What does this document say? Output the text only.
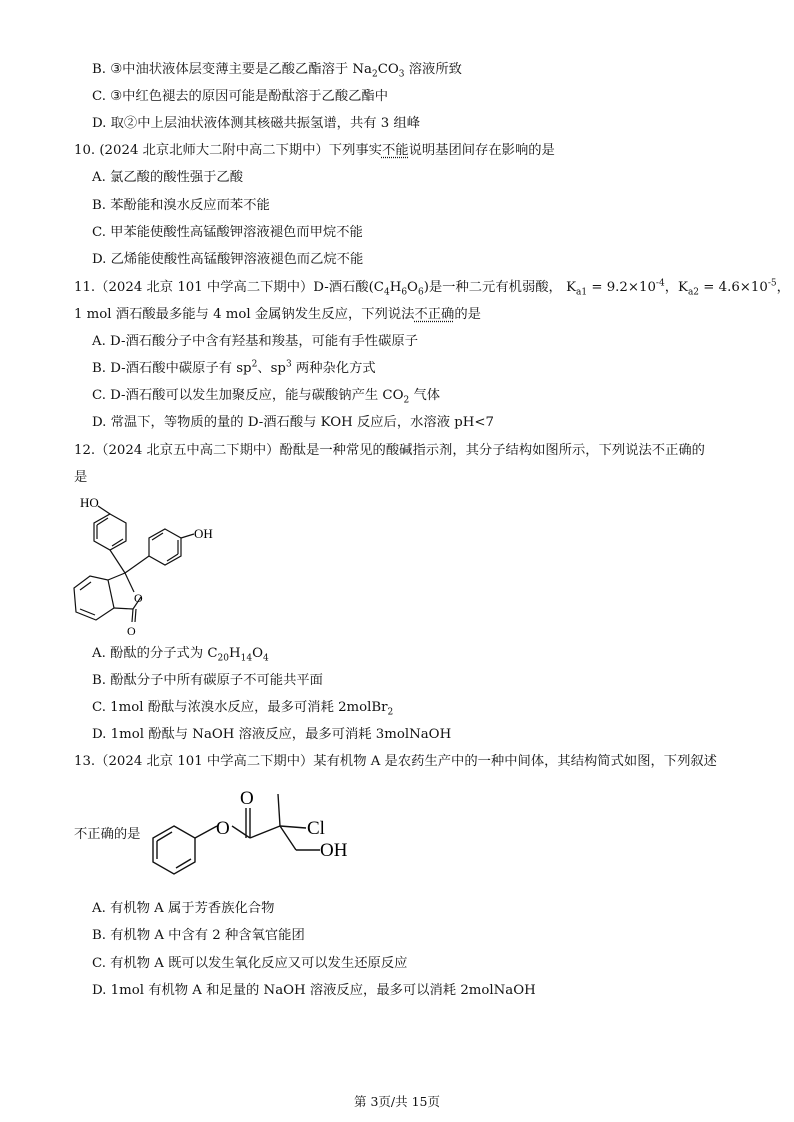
B. ③中油状液体层变薄主要是乙酸乙酯溶于 $Na_2CO_3$ 溶液所致
C. ③中红色褪去的原因可能是酚酞溶于乙酸乙酯中
D. 取②中上层油状液体测其核磁共振氢谱，共有 3 组峰
10. (2024 北京北师大二附中高二下期中）下列事实不能说明基团间存在影响的是
A. 氯乙酸的酸性强于乙酸
B. 苯酚能和溴水反应而苯不能
C. 甲苯能使酸性高锰酸钾溶液褪色而甲烷不能
D. 乙烯能使酸性高锰酸钾溶液褪色而乙烷不能
11.（2024 北京 101 中学高二下期中）D-酒石酸$(C_4H_6O_6)$是一种二元有机弱酸， $K_{a1} = 9.2\times 10^{-4}$，$K_{a2} = 4.6\times 10^{-5}$，
1 mol 酒石酸最多能与 4 mol 金属钠发生反应，下列说法不正确的是
A. D-酒石酸分子中含有羟基和羧基，可能有手性碳原子
B. D-酒石酸中碳原子有 $sp^2$、$sp^3$ 两种杂化方式
C. D-酒石酸可以发生加聚反应，能与碳酸钠产生 $CO_2$ 气体
D. 常温下，等物质的量的 D-酒石酸与 KOH 反应后，水溶液 pH<7
12.（2024 北京五中高二下期中）酚酞是一种常见的酸碱指示剂，其分子结构如图所示，下列说法不正确的
是
HO
OH
O
O
A. 酚酞的分子式为 $C_{20}H_{14}O_4$
B. 酚酞分子中所有碳原子不可能共平面
C. 1mol 酚酞与浓溴水反应，最多可消耗 2molBr$_2$
D. 1mol 酚酞与 NaOH 溶液反应，最多可消耗 3molNaOH
13.（2024 北京 101 中学高二下期中）某有机物 A 是农药生产中的一种中间体，其结构简式如图，下列叙述
不正确的是
O
O	Cl
OH
A. 有机物 A 属于芳香族化合物
B. 有机物 A 中含有 2 种含氧官能团
C. 有机物 A 既可以发生氧化反应又可以发生还原反应
D. 1mol 有机物 A 和足量的 NaOH 溶液反应，最多可以消耗 2molNaOH
第 3页/共 15页
